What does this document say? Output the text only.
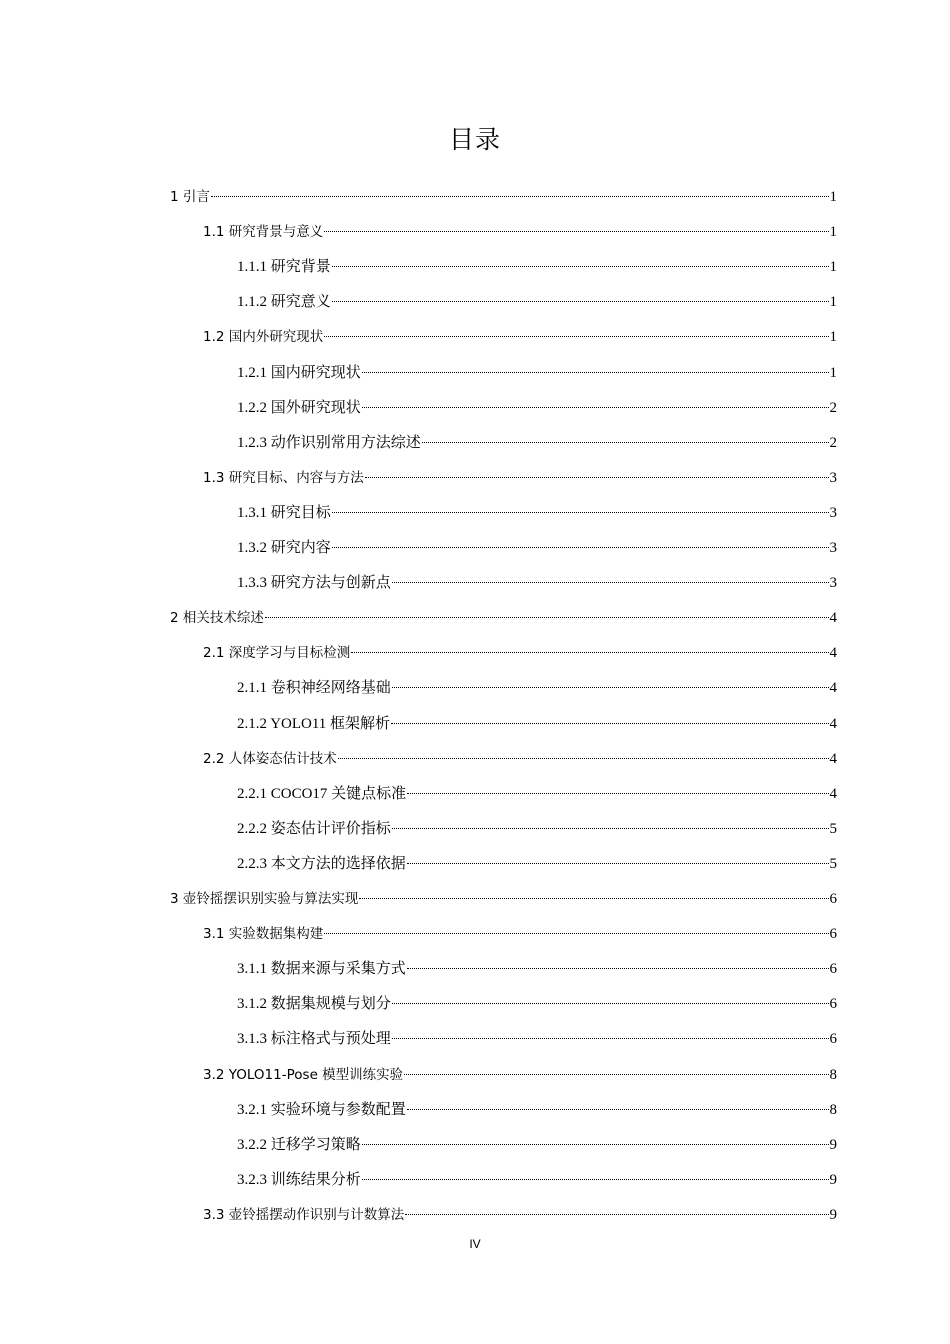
目录
1 引言	1
1.1 研究背景与意义	1
1.1.1 研究背景	1
1.1.2 研究意义	1
1.2 国内外研究现状	1
1.2.1 国内研究现状	1
1.2.2 国外研究现状	2
1.2.3 动作识别常用方法综述	2
1.3 研究目标、内容与方法	3
1.3.1 研究目标	3
1.3.2 研究内容	3
1.3.3 研究方法与创新点	3
2 相关技术综述	4
2.1 深度学习与目标检测	4
2.1.1 卷积神经网络基础	4
2.1.2 YOLO11 框架解析	4
2.2 人体姿态估计技术	4
2.2.1 COCO17 关键点标准	4
2.2.2 姿态估计评价指标	5
2.2.3 本文方法的选择依据	5
3 壶铃摇摆识别实验与算法实现	6
3.1 实验数据集构建	6
3.1.1 数据来源与采集方式	6
3.1.2 数据集规模与划分	6
3.1.3 标注格式与预处理	6
3.2 YOLO11-Pose 模型训练实验	8
3.2.1 实验环境与参数配置	8
3.2.2 迁移学习策略	9
3.2.3 训练结果分析	9
3.3 壶铃摇摆动作识别与计数算法	9
IV
